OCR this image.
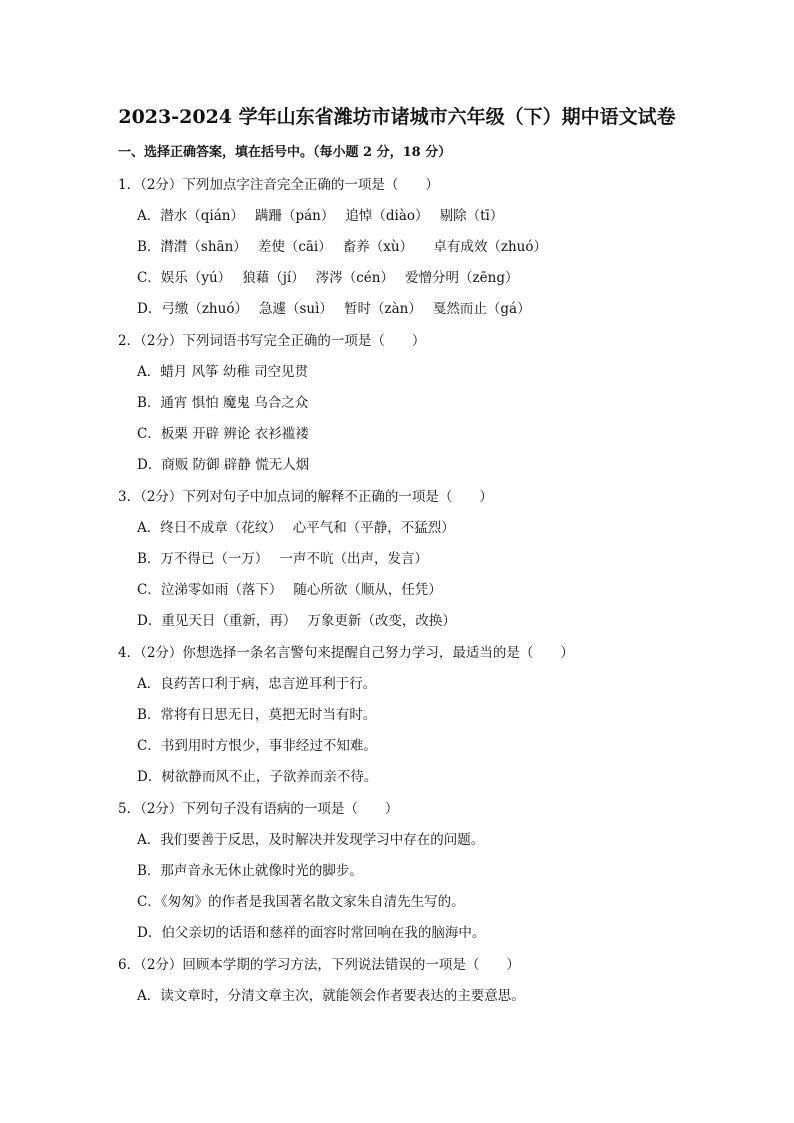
2023-2024 学年山东省潍坊市诸城市六年级（下）期中语文试卷
一、选择正确答案，填在括号中。（每小题 2 分，18 分）
1．（2分）下列加点字注音完全正确的一项是（　　）
A．潜水（qián）　 蹒跚（pán）　 追悼（diào）　 剔除（tī）
B．潸潸（shān）　 差使（cāi）　 畜养（xù）　　卓有成效（zhuó）
C．娱乐（yú）　 狼藉（jí）　 涔涔（cén）　 爱憎分明（zēng）
D．弓缴（zhuó）　 急遽（suì）　 暂时（zàn）　 戛然而止（gá）
2．（2分）下列词语书写完全正确的一项是（　　）
A．蜡月 风筝 幼稚 司空见贯
B．通宵 惧怕 魔鬼 乌合之众
C．板栗 开辟 辨论 衣衫褴褛
D．商贩 防御 辟静 慌无人烟
3．（2分）下列对句子中加点词的解释不正确的一项是（　　）
A．终日不成章（花纹）　 心平气和（平静，不猛烈）
B．万不得已（一万）　 一声不吭（出声，发言）
C．泣涕零如雨（落下）　 随心所欲（顺从，任凭）
D．重见天日（重新，再）　 万象更新（改变，改换）
4．（2分）你想选择一条名言警句来提醒自己努力学习，最适当的是（　　）
A．良药苦口利于病，忠言逆耳利于行。
B．常将有日思无日，莫把无时当有时。
C．书到用时方恨少，事非经过不知难。
D．树欲静而风不止，子欲养而亲不待。
5．（2分）下列句子没有语病的一项是（　　）
A．我们要善于反思，及时解决并发现学习中存在的问题。
B．那声音永无休止就像时光的脚步。
C．《匆匆》的作者是我国著名散文家朱自清先生写的。
D．伯父亲切的话语和慈祥的面容时常回响在我的脑海中。
6．（2分）回顾本学期的学习方法，下列说法错误的一项是（　　）
A．读文章时，分清文章主次，就能领会作者要表达的主要意思。
